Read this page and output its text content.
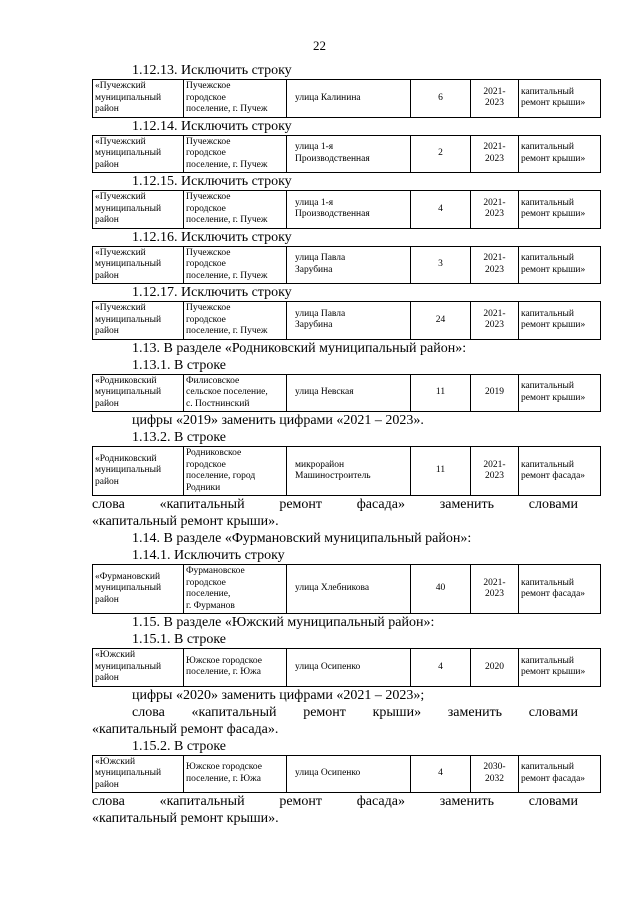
22

1.12.13. Исключить строку

«Пучежский
муниципальный
район	Пучежское
городское
поселение, г. Пучеж	улица Калинина	6	2021-
2023	капитальный
ремонт крыши»

1.12.14. Исключить строку

«Пучежский
муниципальный
район	Пучежское
городское
поселение, г. Пучеж	улица 1-я
Производственная	2	2021-
2023	капитальный
ремонт крыши»

1.12.15. Исключить строку

«Пучежский
муниципальный
район	Пучежское
городское
поселение, г. Пучеж	улица 1-я
Производственная	4	2021-
2023	капитальный
ремонт крыши»

1.12.16. Исключить строку

«Пучежский
муниципальный
район	Пучежское
городское
поселение, г. Пучеж	улица Павла
Зарубина	3	2021-
2023	капитальный
ремонт крыши»

1.12.17. Исключить строку

«Пучежский
муниципальный
район	Пучежское
городское
поселение, г. Пучеж	улица Павла
Зарубина	24	2021-
2023	капитальный
ремонт крыши»

1.13. В разделе «Родниковский муниципальный район»:

1.13.1. В строке

«Родниковский
муниципальный
район	Филисовское
сельское поселение,
с. Постнинский	улица Невская	11	2019	капитальный
ремонт крыши»

цифры «2019» заменить цифрами «2021 – 2023».

1.13.2. В строке

«Родниковский
муниципальный
район	Родниковское
городское
поселение, город
Родники	микрорайон
Машиностроитель	11	2021-
2023	капитальный
ремонт фасада»
слова «капитальный ремонт фасада» заменить словами

«капитальный ремонт крыши».

1.14. В разделе «Фурмановский муниципальный район»:

1.14.1. Исключить строку

«Фурмановский
муниципальный
район	Фурмановское
городское
поселение,
г. Фурманов	улица Хлебникова	40	2021-
2023	капитальный
ремонт фасада»

1.15. В разделе «Южский муниципальный район»:

1.15.1. В строке

«Южский
муниципальный
район	Южское городское
поселение, г. Южа	улица Осипенко	4	2020	капитальный
ремонт крыши»

цифры «2020» заменить цифрами «2021 – 2023»;

слова «капитальный ремонт крыши» заменить словами

«капитальный ремонт фасада».

1.15.2. В строке

«Южский
муниципальный
район	Южское городское
поселение, г. Южа	улица Осипенко	4	2030-
2032	капитальный
ремонт фасада»
слова «капитальный ремонт фасада» заменить словами

«капитальный ремонт крыши».
